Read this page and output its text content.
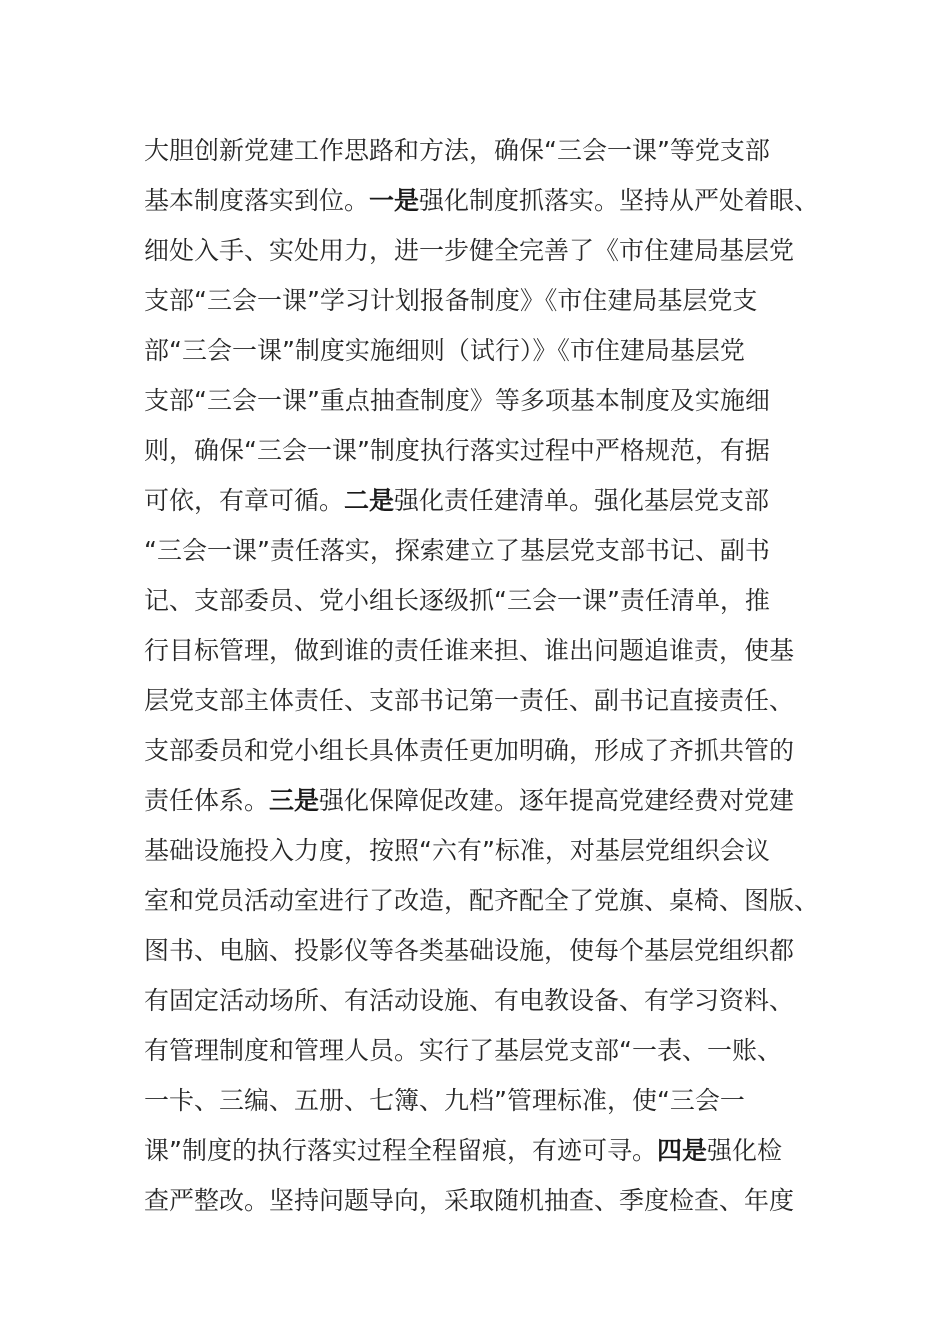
大胆创新党建工作思路和方法，确保“三会一课”等党支部
基本制度落实到位。一是强化制度抓落实。坚持从严处着眼、
细处入手、实处用力，进一步健全完善了《市住建局基层党
支部“三会一课”学习计划报备制度》《市住建局基层党支
部“三会一课”制度实施细则（试行）》《市住建局基层党
支部“三会一课”重点抽查制度》等多项基本制度及实施细
则，确保“三会一课”制度执行落实过程中严格规范，有据
可依，有章可循。二是强化责任建清单。强化基层党支部
“三会一课”责任落实，探索建立了基层党支部书记、副书
记、支部委员、党小组长逐级抓“三会一课”责任清单，推
行目标管理，做到谁的责任谁来担、谁出问题追谁责，使基
层党支部主体责任、支部书记第一责任、副书记直接责任、
支部委员和党小组长具体责任更加明确，形成了齐抓共管的
责任体系。三是强化保障促改建。逐年提高党建经费对党建
基础设施投入力度，按照“六有”标准，对基层党组织会议
室和党员活动室进行了改造，配齐配全了党旗、桌椅、图版、
图书、电脑、投影仪等各类基础设施，使每个基层党组织都
有固定活动场所、有活动设施、有电教设备、有学习资料、
有管理制度和管理人员。实行了基层党支部“一表、一账、
一卡、三编、五册、七簿、九档”管理标准，使“三会一
课”制度的执行落实过程全程留痕，有迹可寻。四是强化检
查严整改。坚持问题导向，采取随机抽查、季度检查、年度
